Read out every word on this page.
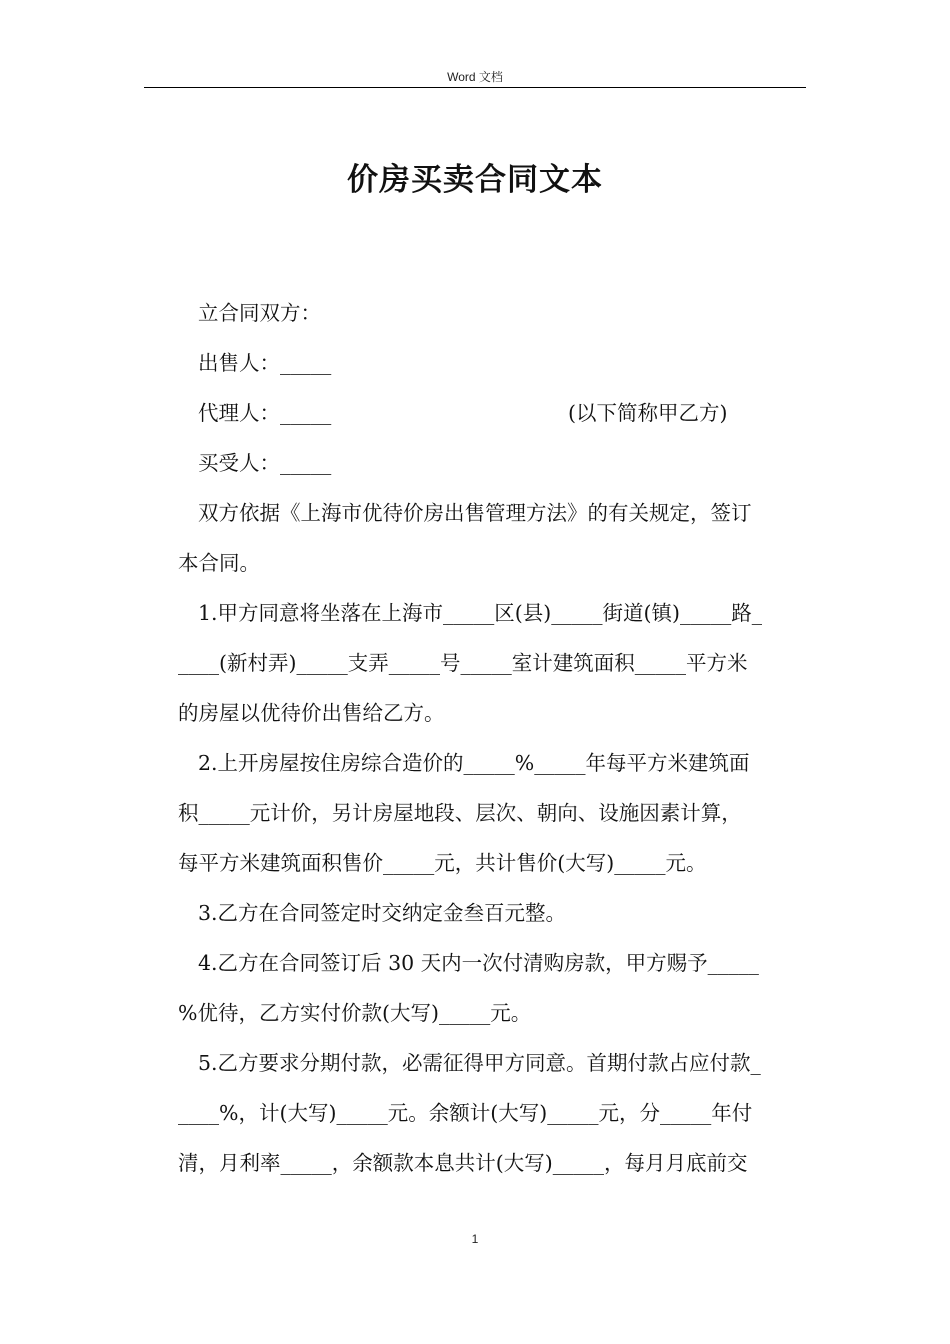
Word 文档
价房买卖合同文本
立合同双方：
出售人：_____
代理人：_____	(以下简称甲乙方)
买受人：_____
双方依据《上海市优待价房出售管理方法》的有关规定，签订
本合同。
1.甲方同意将坐落在上海市_____区(县)_____街道(镇)_____路_
____(新村弄)_____支弄_____号_____室计建筑面积_____平方米
的房屋以优待价出售给乙方。
2.上开房屋按住房综合造价的_____%_____年每平方米建筑面
积_____元计价，另计房屋地段、层次、朝向、设施因素计算，
每平方米建筑面积售价_____元，共计售价(大写)_____元。
3.乙方在合同签定时交纳定金叁百元整。
4.乙方在合同签订后 30 天内一次付清购房款，甲方赐予_____
%优待，乙方实付价款(大写)_____元。
5.乙方要求分期付款，必需征得甲方同意。首期付款占应付款_
____%，计(大写)_____元。余额计(大写)_____元，分_____年付
清，月利率_____，余额款本息共计(大写)_____，每月月底前交
1
